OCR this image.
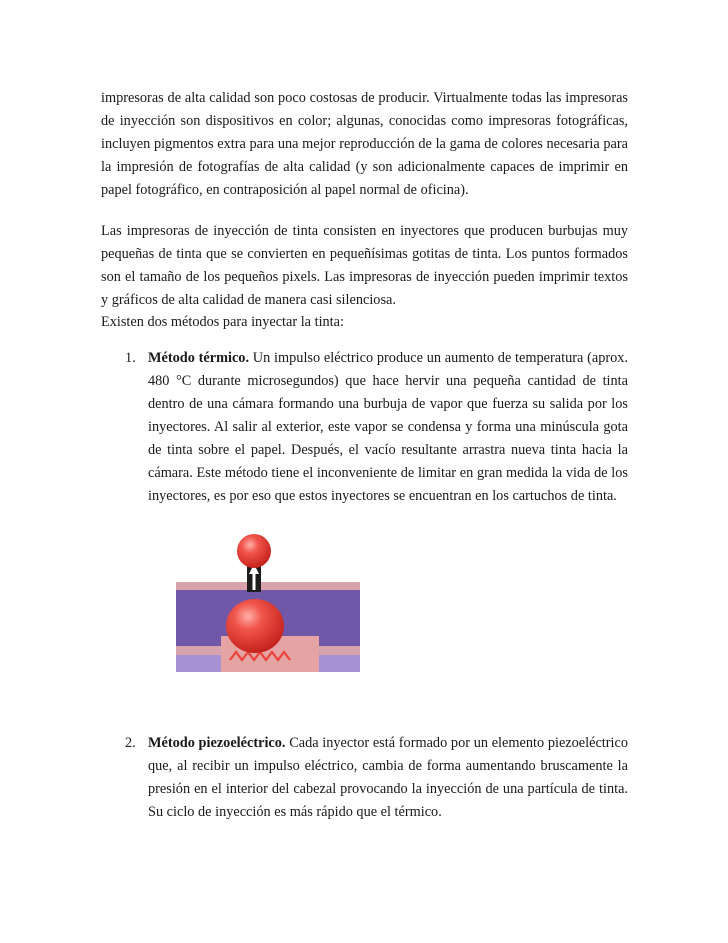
impresoras de alta calidad son poco costosas de producir. Virtualmente todas las impresoras de inyección son dispositivos en color; algunas, conocidas como impresoras fotográficas, incluyen pigmentos extra para una mejor reproducción de la gama de colores necesaria para la impresión de fotografías de alta calidad (y son adicionalmente capaces de imprimir en papel fotográfico, en contraposición al papel normal de oficina).

Las impresoras de inyección de tinta consisten en inyectores que producen burbujas muy pequeñas de tinta que se convierten en pequeñísimas gotitas de tinta. Los puntos formados son el tamaño de los pequeños pixels. Las impresoras de inyección pueden imprimir textos y gráficos de alta calidad de manera casi silenciosa.

Existen dos métodos para inyectar la tinta:

1. Método térmico. Un impulso eléctrico produce un aumento de temperatura (aprox. 480 °C durante microsegundos) que hace hervir una pequeña cantidad de tinta dentro de una cámara formando una burbuja de vapor que fuerza su salida por los inyectores. Al salir al exterior, este vapor se condensa y forma una minúscula gota de tinta sobre el papel. Después, el vacío resultante arrastra nueva tinta hacia la cámara. Este método tiene el inconveniente de limitar en gran medida la vida de los inyectores, es por eso que estos inyectores se encuentran en los cartuchos de tinta.
2. Método piezoeléctrico. Cada inyector está formado por un elemento piezoeléctrico que, al recibir un impulso eléctrico, cambia de forma aumentando bruscamente la presión en el interior del cabezal provocando la inyección de una partícula de tinta. Su ciclo de inyección es más rápido que el térmico.
